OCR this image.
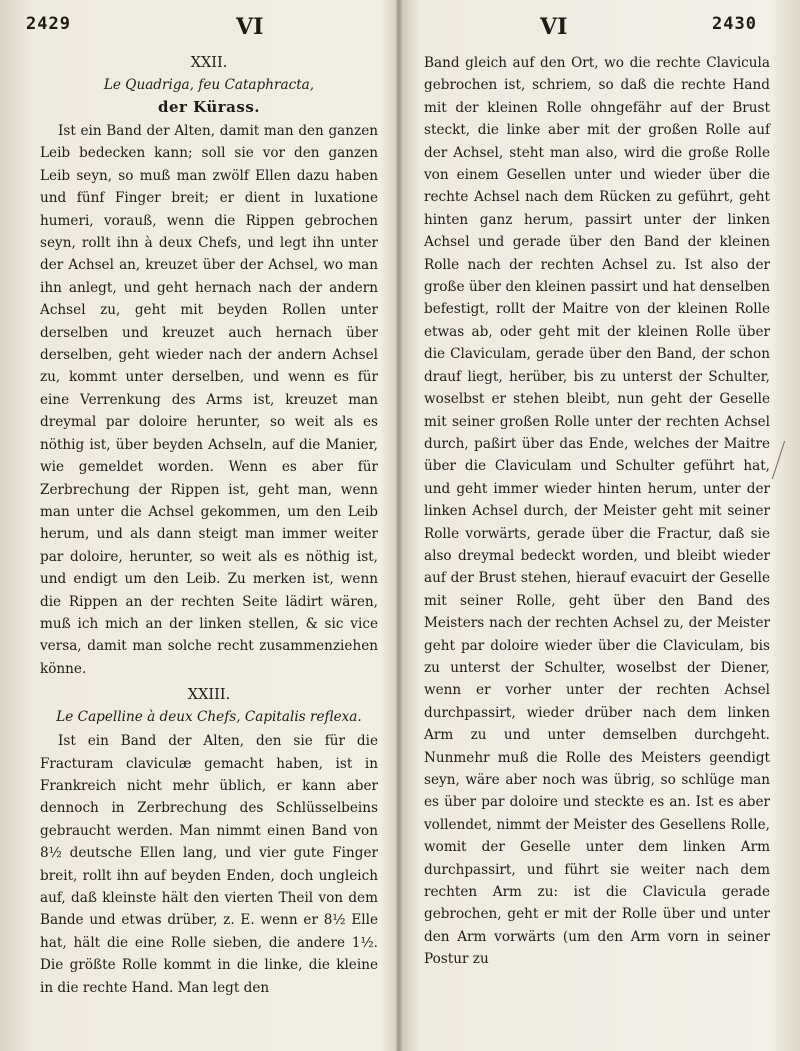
2429	VI	VI	2430

XXII.

Le Quadriga, feu Cataphracta,

der Kürass.

Ist ein Band der Alten, damit man den ganzen Leib bedecken kann; soll sie vor den ganzen Leib seyn, so muß man zwölf Ellen dazu haben und fünf Finger breit; er dient in luxatione humeri, vorauß, wenn die Rippen gebrochen seyn, rollt ihn à deux Chefs, und legt ihn unter der Achsel an, kreuzet über der Achsel, wo man ihn anlegt, und geht hernach nach der andern Achsel zu, geht mit beyden Rollen unter derselben und kreuzet auch hernach über derselben, geht wieder nach der andern Achsel zu, kommt unter derselben, und wenn es für eine Verrenkung des Arms ist, kreuzet man dreymal par doloire herunter, so weit als es nöthig ist, über beyden Achseln, auf die Manier, wie gemeldet worden. Wenn es aber für Zerbrechung der Rippen ist, geht man, wenn man unter die Achsel gekommen, um den Leib herum, und als dann steigt man immer weiter par doloire, herunter, so weit als es nöthig ist, und endigt um den Leib. Zu merken ist, wenn die Rippen an der rechten Seite lädirt wären, muß ich mich an der linken stellen, & sic vice versa, damit man solche recht zusammenziehen könne.

XXIII.

Le Capelline à deux Chefs, Capitalis reflexa.

Ist ein Band der Alten, den sie für die Fracturam claviculæ gemacht haben, ist in Frankreich nicht mehr üblich, er kann aber dennoch in Zerbrechung des Schlüsselbeins gebraucht werden. Man nimmt einen Band von 8½ deutsche Ellen lang, und vier gute Finger breit, rollt ihn auf beyden Enden, doch ungleich auf, daß kleinste hält den vierten Theil von dem Bande und etwas drüber, z. E. wenn er 8½ Elle hat, hält die eine Rolle sieben, die andere 1½. Die größte Rolle kommt in die linke, die kleine in die rechte Hand. Man legt den

Band gleich auf den Ort, wo die rechte Clavicula gebrochen ist, schriem, so daß die rechte Hand mit der kleinen Rolle ohngefähr auf der Brust steckt, die linke aber mit der großen Rolle auf der Achsel, steht man also, wird die große Rolle von einem Gesellen unter und wieder über die rechte Achsel nach dem Rücken zu geführt, geht hinten ganz herum, passirt unter der linken Achsel und gerade über den Band der kleinen Rolle nach der rechten Achsel zu. Ist also der große über den kleinen passirt und hat denselben befestigt, rollt der Maitre von der kleinen Rolle etwas ab, oder geht mit der kleinen Rolle über die Claviculam, gerade über den Band, der schon drauf liegt, herüber, bis zu unterst der Schulter, woselbst er stehen bleibt, nun geht der Geselle mit seiner großen Rolle unter der rechten Achsel durch, paßirt über das Ende, welches der Maitre über die Claviculam und Schulter geführt hat, und geht immer wieder hinten herum, unter der linken Achsel durch, der Meister geht mit seiner Rolle vorwärts, gerade über die Fractur, daß sie also dreymal bedeckt worden, und bleibt wieder auf der Brust stehen, hierauf evacuirt der Geselle mit seiner Rolle, geht über den Band des Meisters nach der rechten Achsel zu, der Meister geht par doloire wieder über die Claviculam, bis zu unterst der Schulter, woselbst der Diener, wenn er vorher unter der rechten Achsel durchpassirt, wieder drüber nach dem linken Arm zu und unter demselben durchgeht. Nunmehr muß die Rolle des Meisters geendigt seyn, wäre aber noch was übrig, so schlüge man es über par doloire und steckte es an. Ist es aber vollendet, nimmt der Meister des Gesellens Rolle, womit der Geselle unter dem linken Arm durchpassirt, und führt sie weiter nach dem rechten Arm zu: ist die Clavicula gerade gebrochen, geht er mit der Rolle über und unter den Arm vorwärts (um den Arm vorn in seiner Postur zu
